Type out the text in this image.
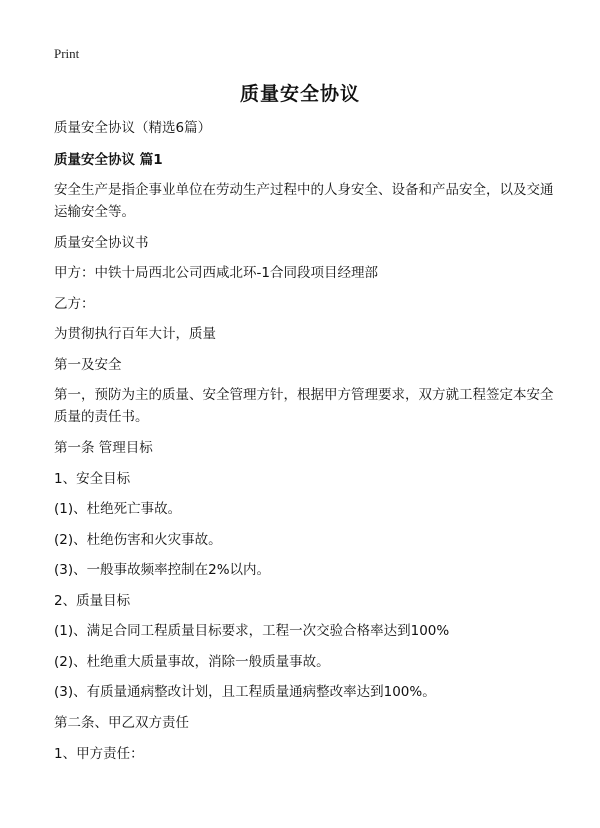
Print
质量安全协议
质量安全协议（精选6篇）
质量安全协议 篇1
安全生产是指企事业单位在劳动生产过程中的人身安全、设备和产品安全，以及交通运输安全等。
质量安全协议书
甲方：中铁十局西北公司西咸北环-1合同段项目经理部
乙方：
为贯彻执行百年大计，质量
第一及安全
第一，预防为主的质量、安全管理方针，根据甲方管理要求，双方就工程签定本安全质量的责任书。
第一条 管理目标
1、安全目标
(1)、杜绝死亡事故。
(2)、杜绝伤害和火灾事故。
(3)、一般事故频率控制在2%以内。
2、质量目标
(1)、满足合同工程质量目标要求，工程一次交验合格率达到100%
(2)、杜绝重大质量事故，消除一般质量事故。
(3)、有质量通病整改计划，且工程质量通病整改率达到100%。
第二条、甲乙双方责任
1、甲方责任：
